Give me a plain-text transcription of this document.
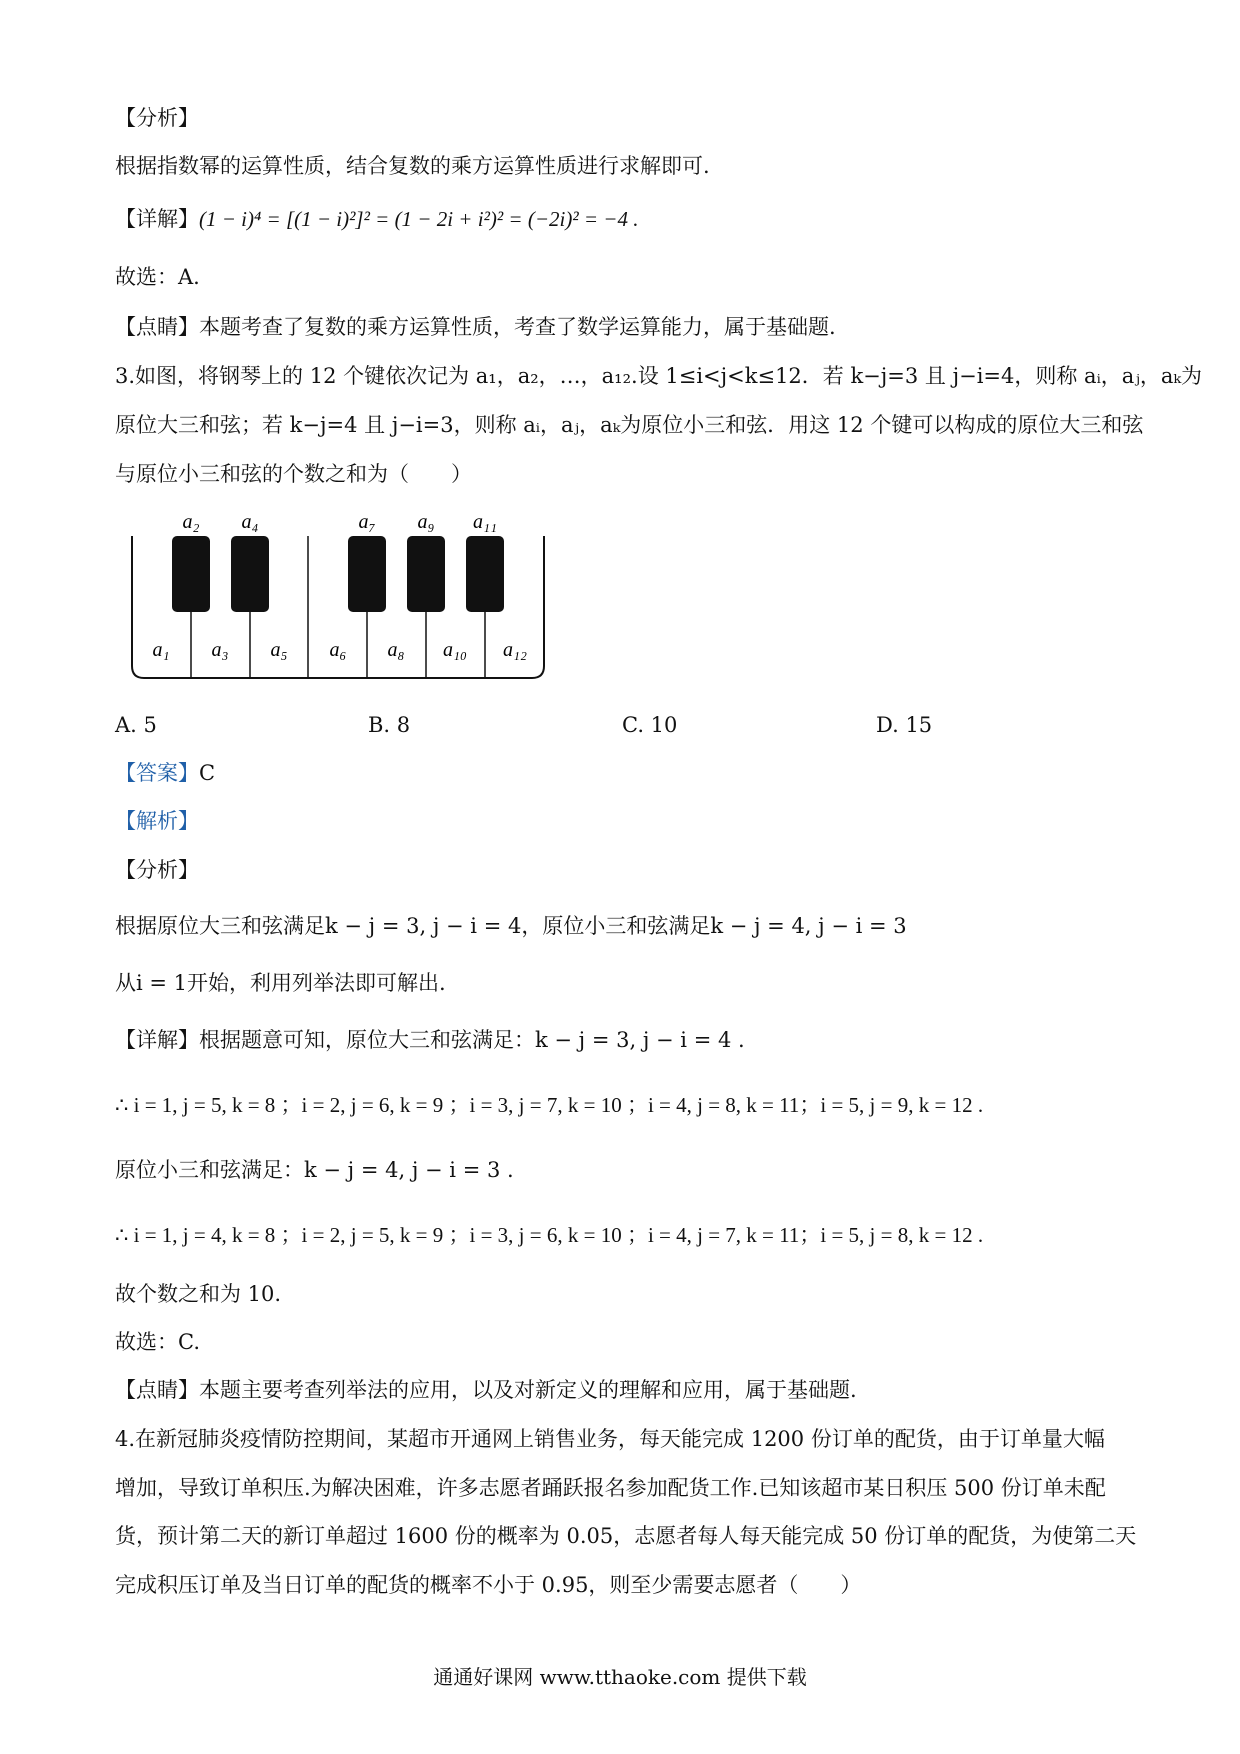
【分析】
根据指数幂的运算性质，结合复数的乘方运算性质进行求解即可.
【详解】(1 − i)⁴ = [(1 − i)²]² = (1 − 2i + i²)² = (−2i)² = −4 .
故选：A.
【点睛】本题考查了复数的乘方运算性质，考查了数学运算能力，属于基础题.
3.如图，将钢琴上的 12 个键依次记为 a₁，a₂，…，a₁₂.设 1≤i<j<k≤12．若 k−j=3 且 j−i=4，则称 aᵢ，aⱼ，aₖ为
原位大三和弦；若 k−j=4 且 j−i=3，则称 aᵢ，aⱼ，aₖ为原位小三和弦．用这 12 个键可以构成的原位大三和弦
与原位小三和弦的个数之和为（　　）
a₂ a₄	a₇ a₉ a₁₁
a₁ a₃ a₅ a₆ a₈ a₁₀ a₁₂
A. 5	B. 8	C. 10	D. 15
【答案】C
【解析】
【分析】
根据原位大三和弦满足k − j = 3, j − i = 4，原位小三和弦满足k − j = 4, j − i = 3
从i = 1开始，利用列举法即可解出.
【详解】根据题意可知，原位大三和弦满足：k − j = 3, j − i = 4 .
∴ i = 1, j = 5, k = 8 ；i = 2, j = 6, k = 9 ；i = 3, j = 7, k = 10 ；i = 4, j = 8, k = 11；i = 5, j = 9, k = 12 .
原位小三和弦满足：k − j = 4, j − i = 3 .
∴ i = 1, j = 4, k = 8 ；i = 2, j = 5, k = 9 ；i = 3, j = 6, k = 10 ；i = 4, j = 7, k = 11；i = 5, j = 8, k = 12 .
故个数之和为 10.
故选：C.
【点睛】本题主要考查列举法的应用，以及对新定义的理解和应用，属于基础题.
4.在新冠肺炎疫情防控期间，某超市开通网上销售业务，每天能完成 1200 份订单的配货，由于订单量大幅
增加，导致订单积压.为解决困难，许多志愿者踊跃报名参加配货工作.已知该超市某日积压 500 份订单未配
货，预计第二天的新订单超过 1600 份的概率为 0.05，志愿者每人每天能完成 50 份订单的配货，为使第二天
完成积压订单及当日订单的配货的概率不小于 0.95，则至少需要志愿者（　　）
通通好课网 www.tthaoke.com 提供下载
